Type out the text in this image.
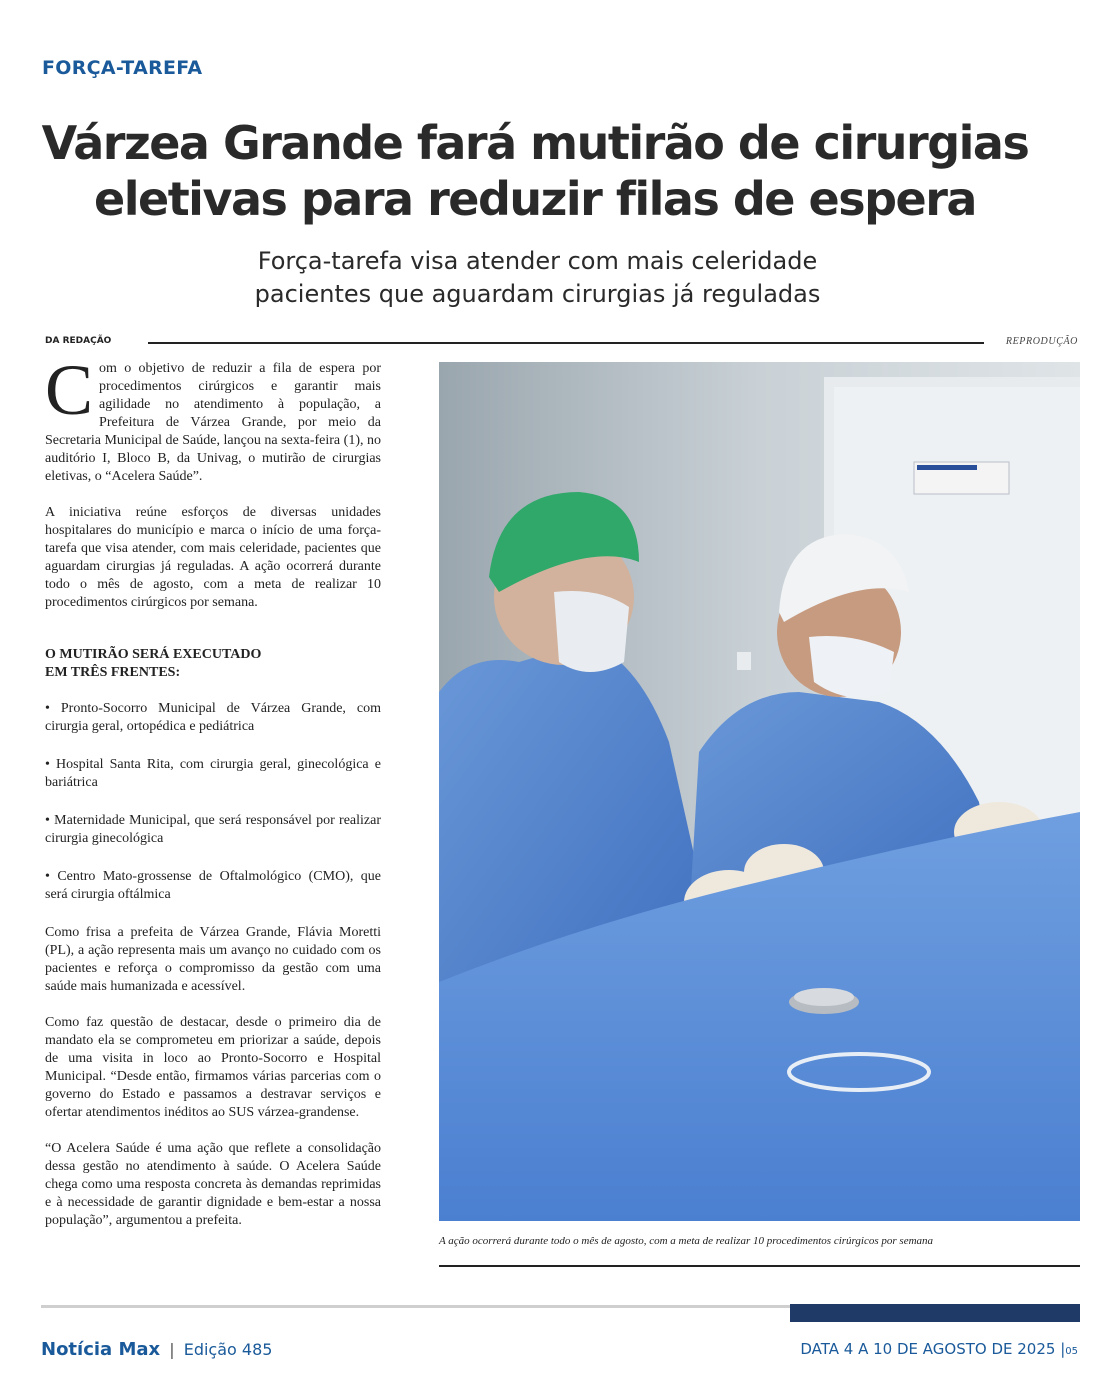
FORÇA-TAREFA
Várzea Grande fará mutirão de cirurgias
eletivas para reduzir filas de espera
Força-tarefa visa atender com mais celeridade
pacientes que aguardam cirurgias já reguladas
DA REDAÇÃO	REPRODUÇÃO

Com o objetivo de reduzir a fila de espera por procedimentos cirúrgicos e garantir mais agilidade no atendimento à população, a Prefeitura de Várzea Grande, por meio da Secretaria Municipal de Saúde, lançou na sexta-feira (1), no auditório I, Bloco B, da Univag, o mutirão de cirurgias eletivas, o “Acelera Saúde”.

A iniciativa reúne esforços de diversas unidades hospitalares do município e marca o início de uma força-tarefa que visa atender, com mais celeridade, pacientes que aguardam cirurgias já reguladas. A ação ocorrerá durante todo o mês de agosto, com a meta de realizar 10 procedimentos cirúrgicos por semana.

O MUTIRÃO SERÁ EXECUTADO
EM TRÊS FRENTES:

• Pronto-Socorro Municipal de Várzea Grande, com cirurgia geral, ortopédica e pediátrica

• Hospital Santa Rita, com cirurgia geral, ginecológica e bariátrica

• Maternidade Municipal, que será responsável por realizar cirurgia ginecológica

• Centro Mato-grossense de Oftalmológico (CMO), que será cirurgia oftálmica

Como frisa a prefeita de Várzea Grande, Flávia Moretti (PL), a ação representa mais um avanço no cuidado com os pacientes e reforça o compromisso da gestão com uma saúde mais humanizada e acessível.

Como faz questão de destacar, desde o primeiro dia de mandato ela se comprometeu em priorizar a saúde, depois de uma visita in loco ao Pronto-Socorro e Hospital Municipal. “Desde então, firmamos várias parcerias com o governo do Estado e passamos a destravar serviços e ofertar atendimentos inéditos ao SUS várzea-grandense.

“O Acelera Saúde é uma ação que reflete a consolidação dessa gestão no atendimento à saúde. O Acelera Saúde chega como uma resposta concreta às demandas reprimidas e à necessidade de garantir dignidade e bem-estar a nossa população”, argumentou a prefeita.

A ação ocorrerá durante todo o mês de agosto, com a meta de realizar 10 procedimentos cirúrgicos por semana
Notícia Max | Edição 485	DATA 4 A 10 DE AGOSTO DE 2025 |05
